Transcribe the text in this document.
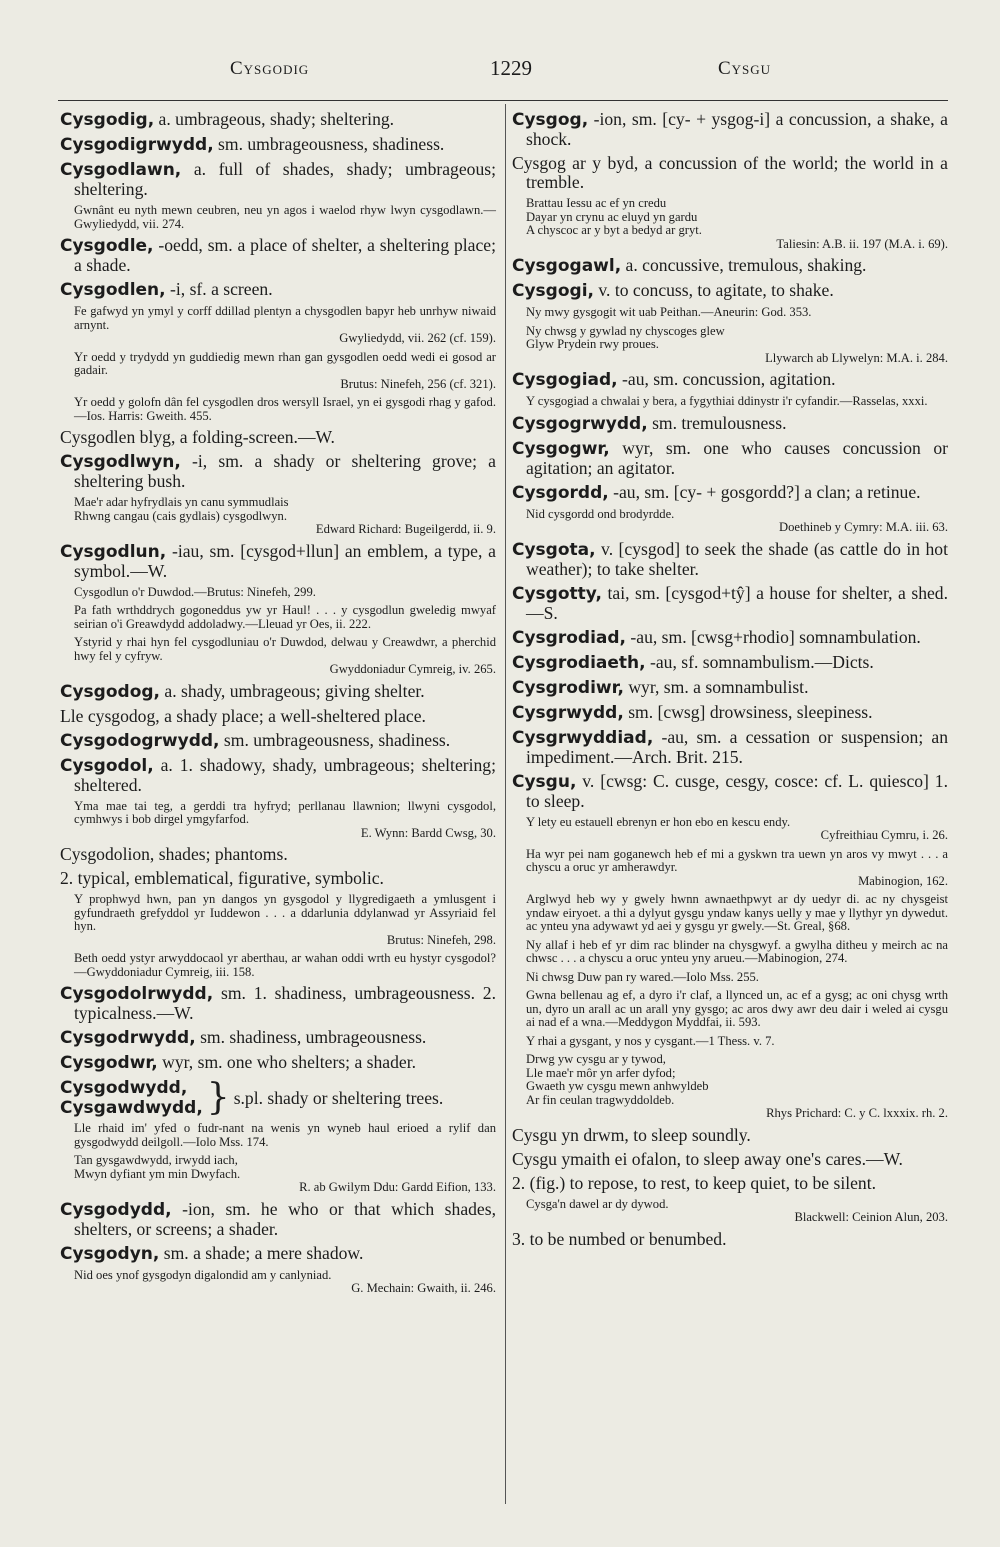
Cysgodig	1229	Cysgu

Cysgodig, a. umbrageous, shady; sheltering.

Cysgodigrwydd, sm. umbrageousness, shadiness.

Cysgodlawn, a. full of shades, shady; umbrageous; sheltering.

Gwnânt eu nyth mewn ceubren, neu yn agos i waelod rhyw lwyn cysgodlawn.—Gwyliedydd, vii. 274.

Cysgodle, -oedd, sm. a place of shelter, a sheltering place; a shade.

Cysgodlen, -i, sf. a screen.

Fe gafwyd yn ymyl y corff ddillad plentyn a chysgodlen bapyr heb unrhyw niwaid arnynt.
Gwyliedydd, vii. 262 (cf. 159).
Yr oedd y trydydd yn guddiedig mewn rhan gan gysgodlen oedd wedi ei gosod ar gadair.
Brutus: Ninefeh, 256 (cf. 321).
Yr oedd y golofn dân fel cysgodlen dros wersyll Israel, yn ei gysgodi rhag y gafod.—Ios. Harris: Gweith. 455.

Cysgodlen blyg, a folding-screen.—W.

Cysgodlwyn, -i, sm. a shady or sheltering grove; a sheltering bush.

Mae'r adar hyfrydlais yn canu symmudlais
Rhwng cangau (cais gydlais) cysgodlwyn.
Edward Richard: Bugeilgerdd, ii. 9.

Cysgodlun, -iau, sm. [cysgod+llun] an emblem, a type, a symbol.—W.

Cysgodlun o'r Duwdod.—Brutus: Ninefeh, 299.
Pa fath wrthddrych gogoneddus yw yr Haul! . . . y cysgodlun gweledig mwyaf seirian o'i Greawdydd addoladwy.—Lleuad yr Oes, ii. 222.
Ystyrid y rhai hyn fel cysgodluniau o'r Duwdod, delwau y Creawdwr, a pherchid hwy fel y cyfryw.
Gwyddoniadur Cymreig, iv. 265.

Cysgodog, a. shady, umbrageous; giving shelter.

Lle cysgodog, a shady place; a well-sheltered place.

Cysgodogrwydd, sm. umbrageousness, shadiness.

Cysgodol, a. 1. shadowy, shady, umbrageous; sheltering; sheltered.

Yma mae tai teg, a gerddi tra hyfryd; perllanau llawnion; llwyni cysgodol, cymhwys i bob dirgel ymgyfarfod.
E. Wynn: Bardd Cwsg, 30.

Cysgodolion, shades; phantoms.

2. typical, emblematical, figurative, symbolic.

Y prophwyd hwn, pan yn dangos yn gysgodol y llygredigaeth a ymlusgent i gyfundraeth grefyddol yr Iuddewon . . . a ddarlunia ddylanwad yr Assyriaid fel hyn.
Brutus: Ninefeh, 298.
Beth oedd ystyr arwyddocaol yr aberthau, ar wahan oddi wrth eu hystyr cysgodol?—Gwyddoniadur Cymreig, iii. 158.

Cysgodolrwydd, sm. 1. shadiness, umbrageousness. 2. typicalness.—W.

Cysgodrwydd, sm. shadiness, umbrageousness.

Cysgodwr, wyr, sm. one who shelters; a shader.

Cysgodwydd,
Cysgawdwydd, } s.pl. shady or sheltering trees.
Lle rhaid im' yfed o fudr-nant na wenis yn wyneb haul erioed a rylif dan gysgodwydd deilgoll.—Iolo Mss. 174.
Tan gysgawdwydd, irwydd iach,
Mwyn dyfiant ym min Dwyfach.
R. ab Gwilym Ddu: Gardd Eifion, 133.

Cysgodydd, -ion, sm. he who or that which shades, shelters, or screens; a shader.

Cysgodyn, sm. a shade; a mere shadow.

Nid oes ynof gysgodyn digalondid am y canlyniad.
G. Mechain: Gwaith, ii. 246.

Cysgog, -ion, sm. [cy- + ysgog-i] a concussion, a shake, a shock.

Cysgog ar y byd, a concussion of the world; the world in a tremble.

Brattau Iessu ac ef yn credu
Dayar yn crynu ac eluyd yn gardu
A chyscoc ar y byt a bedyd ar gryt.
Taliesin: A.B. ii. 197 (M.A. i. 69).

Cysgogawl, a. concussive, tremulous, shaking.

Cysgogi, v. to concuss, to agitate, to shake.

Ny mwy gysgogit wit uab Peithan.—Aneurin: God. 353.
Ny chwsg y gywlad ny chyscoges glew
Glyw Prydein rwy proues.
Llywarch ab Llywelyn: M.A. i. 284.

Cysgogiad, -au, sm. concussion, agitation.

Y cysgogiad a chwalai y bera, a fygythiai ddinystr i'r cyfandir.—Rasselas, xxxi.

Cysgogrwydd, sm. tremulousness.

Cysgogwr, wyr, sm. one who causes concussion or agitation; an agitator.

Cysgordd, -au, sm. [cy- + gosgordd?] a clan; a retinue.

Nid cysgordd ond brodyrdde.
Doethineb y Cymry: M.A. iii. 63.

Cysgota, v. [cysgod] to seek the shade (as cattle do in hot weather); to take shelter.

Cysgotty, tai, sm. [cysgod+tŷ] a house for shelter, a shed.—S.

Cysgrodiad, -au, sm. [cwsg+rhodio] somnambulation.

Cysgrodiaeth, -au, sf. somnambulism.—Dicts.

Cysgrodiwr, wyr, sm. a somnambulist.

Cysgrwydd, sm. [cwsg] drowsiness, sleepiness.

Cysgrwyddiad, -au, sm. a cessation or suspension; an impediment.—Arch. Brit. 215.

Cysgu, v. [cwsg: C. cusge, cesgy, cosce: cf. L. quiesco] 1. to sleep.

Y lety eu estauell ebrenyn er hon ebo en kescu endy.
Cyfreithiau Cymru, i. 26.
Ha wyr pei nam goganewch heb ef mi a gyskwn tra uewn yn aros vy mwyt . . . a chyscu a oruc yr amherawdyr.
Mabinogion, 162.
Arglwyd heb wy y gwely hwnn awnaethpwyt ar dy uedyr di. ac ny chysgeist yndaw eiryoet. a thi a dylyut gysgu yndaw kanys uelly y mae y llythyr yn dywedut. ac ynteu yna adywawt yd aei y gysgu yr gwely.—St. Greal, §68.
Ny allaf i heb ef yr dim rac blinder na chysgwyf. a gwylha ditheu y meirch ac na chwsc . . . a chyscu a oruc ynteu yny arueu.—Mabinogion, 274.
Ni chwsg Duw pan ry wared.—Iolo Mss. 255.
Gwna bellenau ag ef, a dyro i'r claf, a llynced un, ac ef a gysg; ac oni chysg wrth un, dyro un arall ac un arall yny gysgo; ac aros dwy awr deu dair i weled ai cysgu ai nad ef a wna.—Meddygon Myddfai, ii. 593.
Y rhai a gysgant, y nos y cysgant.—1 Thess. v. 7.
Drwg yw cysgu ar y tywod,
Lle mae'r môr yn arfer dyfod;
Gwaeth yw cysgu mewn anhwyldeb
Ar fin ceulan tragwyddoldeb.
Rhys Prichard: C. y C. lxxxix. rh. 2.

Cysgu yn drwm, to sleep soundly.

Cysgu ymaith ei ofalon, to sleep away one's cares.—W.

2. (fig.) to repose, to rest, to keep quiet, to be silent.

Cysga'n dawel ar dy dywod.
Blackwell: Ceinion Alun, 203.

3. to be numbed or benumbed.
